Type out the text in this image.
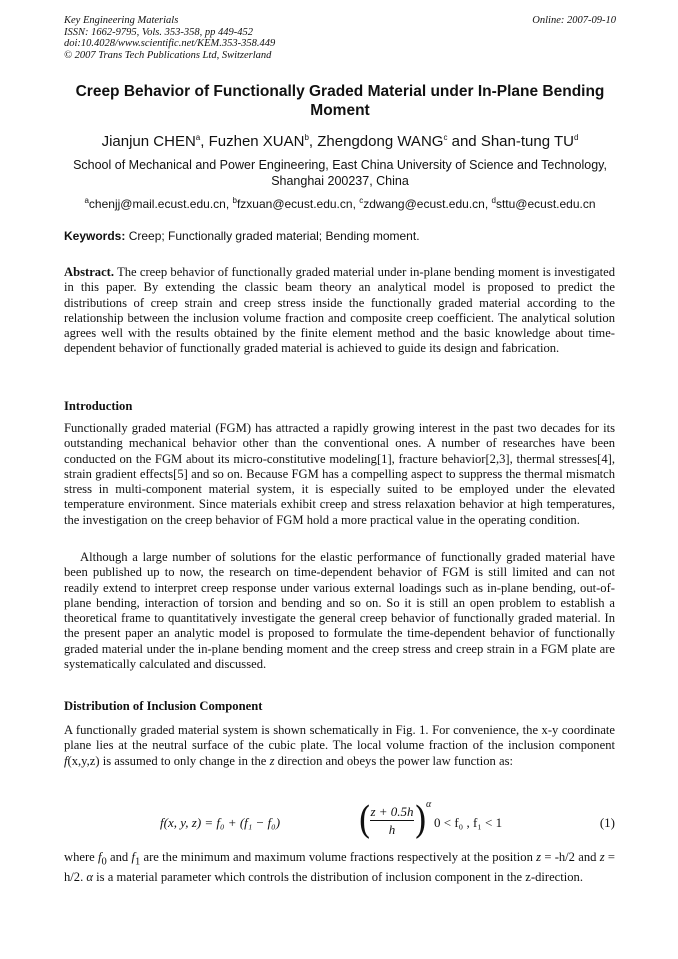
Key Engineering Materials
ISSN: 1662-9795, Vols. 353-358, pp 449-452
doi:10.4028/www.scientific.net/KEM.353-358.449
© 2007 Trans Tech Publications Ltd, Switzerland
Online: 2007-09-10
Creep Behavior of Functionally Graded Material under In-Plane Bending Moment
Jianjun CHEN$^a$, Fuzhen XUAN$^b$, Zhengdong WANG$^c$ and Shan-tung $TU^d$
School of Mechanical and Power Engineering, East China University of Science and Technology, Shanghai 200237, China
$^a$chenjj@mail.ecust.edu.cn, $^b$fzxuan@ecust.edu.cn, $^c$zdwang@ecust.edu.cn, $^d$sttu@ecust.edu.cn
Keywords: Creep; Functionally graded material; Bending moment.
Abstract. The creep behavior of functionally graded material under in-plane bending moment is investigated in this paper. By extending the classic beam theory an analytical model is proposed to predict the distributions of creep strain and creep stress inside the functionally graded material according to the relationship between the inclusion volume fraction and composite creep coefficient. The analytical solution agrees well with the results obtained by the finite element method and the basic knowledge about time-dependent behavior of functionally graded material is achieved to guide its design and fabrication.
Introduction
Functionally graded material (FGM) has attracted a rapidly growing interest in the past two decades for its outstanding mechanical behavior other than the conventional ones. A number of researches have been conducted on the FGM about its micro-constitutive modeling[1], fracture behavior[2,3], thermal stresses[4], strain gradient effects[5] and so on. Because FGM has a compelling aspect to suppress the thermal mismatch stress in multi-component material system, it is especially suited to be employed under the elevated temperature environment. Since materials exhibit creep and stress relaxation behavior at high temperatures, the investigation on the creep behavior of FGM hold a more practical value in the operating condition.
Although a large number of solutions for the elastic performance of functionally graded material have been published up to now, the research on time-dependent behavior of FGM is still limited and can not readily extend to interpret creep response under various external loadings such as in-plane bending, out-of-plane bending, interaction of torsion and bending and so on. So it is still an open problem to establish a theoretical frame to quantitatively investigate the general creep behavior of functionally graded material. In the present paper an analytic model is proposed to formulate the time-dependent behavior of functionally graded material under the in-plane bending moment and the creep stress and creep strain in a FGM plate are systematically calculated and discussed.
Distribution of Inclusion Component
A functionally graded material system is shown schematically in Fig. 1. For convenience, the x-y coordinate plane lies at the neutral surface of the cubic plate. The local volume fraction of the inclusion component f(x,y,z) is assumed to only change in the z direction and obeys the power law function as:
f(x, y, z) = f₀ + (f₁ − f₀) (
$\frac{z + 0.5h}{h}$ )
α
0 < f₀ , f₁ < 1	(1)
where $f_0$ and $f_1$ are the minimum and maximum volume fractions respectively at the position z = -h/2 and z = h/2. α is a material parameter which controls the distribution of inclusion component in the z-direction.
